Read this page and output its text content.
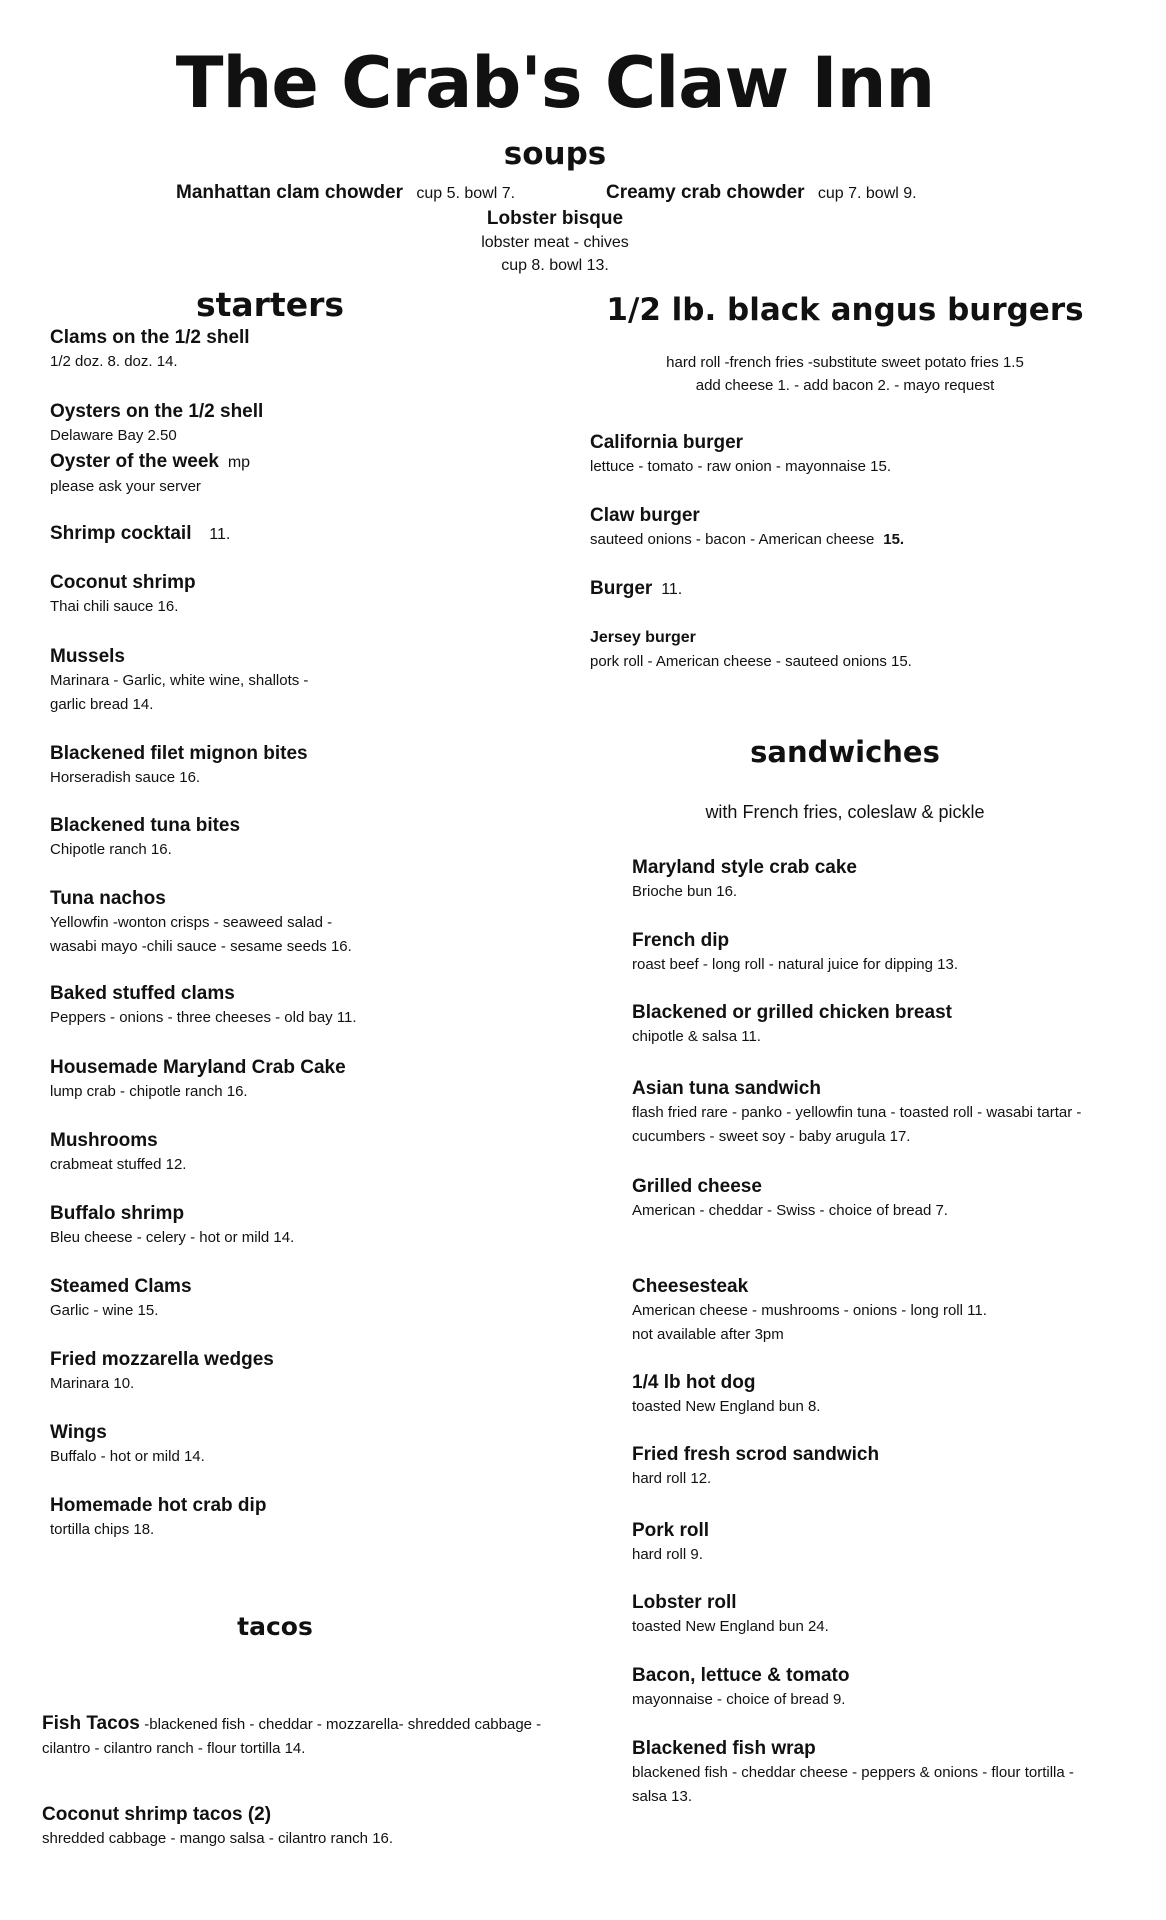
The Crab's Claw Inn
soups
Manhattan clam chowder cup 5. bowl 7.	Creamy crab chowder cup 7. bowl 9.
Lobster bisque
lobster meat - chives
cup 8. bowl 13.
starters
Clams on the 1/2 shell
1/2 doz. 8. doz. 14.
Oysters on the 1/2 shell
Delaware Bay 2.50
Oyster of the week mp
please ask your server
Shrimp cocktail 11.
Coconut shrimp
Thai chili sauce 16.
Mussels
Marinara - Garlic, white wine, shallots -
garlic bread 14.
Blackened filet mignon bites
Horseradish sauce 16.
Blackened tuna bites
Chipotle ranch 16.
Tuna nachos
Yellowfin -wonton crisps - seaweed salad -
wasabi mayo -chili sauce - sesame seeds 16.
Baked stuffed clams
Peppers - onions - three cheeses - old bay 11.
Housemade Maryland Crab Cake
lump crab - chipotle ranch 16.
Mushrooms
crabmeat stuffed 12.
Buffalo shrimp
Bleu cheese - celery - hot or mild 14.
Steamed Clams
Garlic - wine 15.
Fried mozzarella wedges
Marinara 10.
Wings
Buffalo - hot or mild 14.
Homemade hot crab dip
tortilla chips 18.
tacos
Fish Tacos -blackened fish - cheddar - mozzarella- shredded cabbage -
cilantro - cilantro ranch - flour tortilla 14.
Coconut shrimp tacos (2)
shredded cabbage - mango salsa - cilantro ranch 16.
1/2 lb. black angus burgers
hard roll -french fries -substitute sweet potato fries 1.5
add cheese 1. - add bacon 2. - mayo request
California burger
lettuce - tomato - raw onion - mayonnaise 15.
Claw burger
sauteed onions - bacon - American cheese 15.
Burger 11.
Jersey burger
pork roll - American cheese - sauteed onions 15.
sandwiches
with French fries, coleslaw & pickle
Maryland style crab cake
Brioche bun 16.
French dip
roast beef - long roll - natural juice for dipping 13.
Blackened or grilled chicken breast
chipotle & salsa 11.
Asian tuna sandwich
flash fried rare - panko - yellowfin tuna - toasted roll - wasabi tartar -
cucumbers - sweet soy - baby arugula 17.
Grilled cheese
American - cheddar - Swiss - choice of bread 7.
Cheesesteak
American cheese - mushrooms - onions - long roll 11.
not available after 3pm
1/4 lb hot dog
toasted New England bun 8.
Fried fresh scrod sandwich
hard roll 12.
Pork roll
hard roll 9.
Lobster roll
toasted New England bun 24.
Bacon, lettuce & tomato
mayonnaise - choice of bread 9.
Blackened fish wrap
blackened fish - cheddar cheese - peppers & onions - flour tortilla -
salsa 13.
